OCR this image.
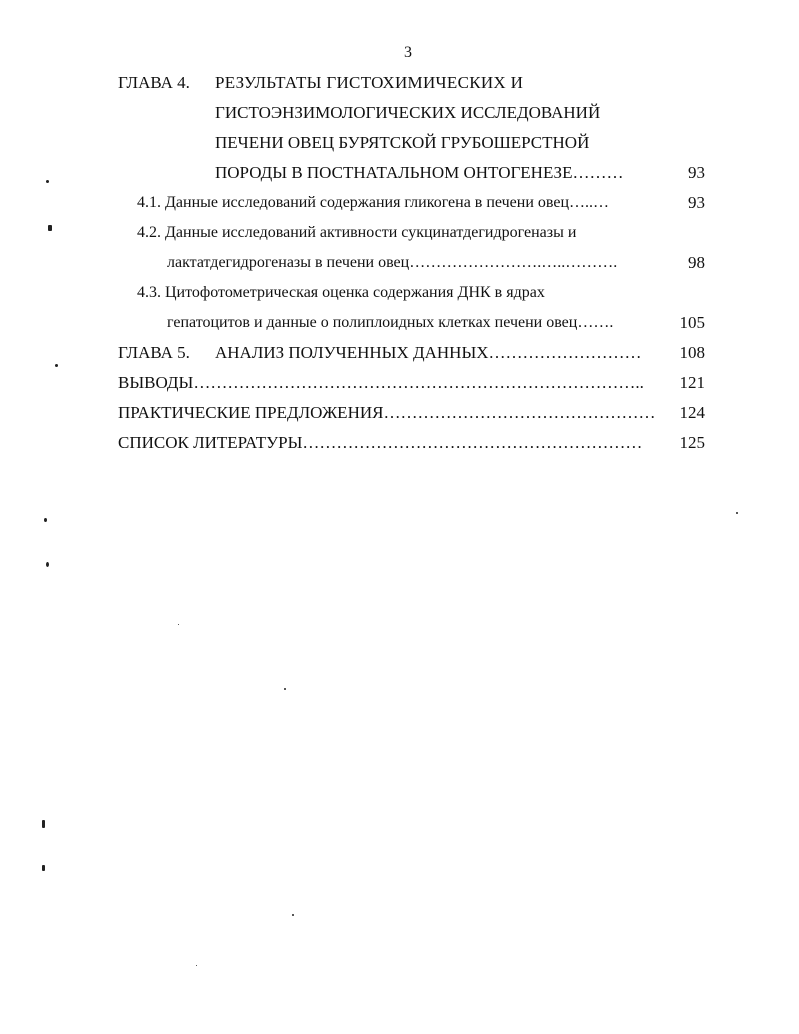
3
ГЛАВА 4. РЕЗУЛЬТАТЫ ГИСТОХИМИЧЕСКИХ И
ГИСТОЭНЗИМОЛОГИЧЕСКИХ ИССЛЕДОВАНИЙ
ПЕЧЕНИ ОВЕЦ БУРЯТСКОЙ ГРУБОШЕРСТНОЙ
ПОРОДЫ В ПОСТНАТАЛЬНОМ ОНТОГЕНЕЗЕ………	93
4.1. Данные исследований содержания гликогена в печени овец…..…	93
4.2. Данные исследований активности сукцинатдегидрогеназы и
лактатдегидрогеназы в печени овец…………………….…..……….	98
4.3. Цитофотометрическая оценка содержания ДНК в ядрах
гепатоцитов и данные о полиплоидных клетках печени овец…….	105
ГЛАВА 5. АНАЛИЗ ПОЛУЧЕННЫХ ДАННЫХ………………………	108
ВЫВОДЫ……………………………………………………………………..	121
ПРАКТИЧЕСКИЕ ПРЕДЛОЖЕНИЯ…………………………………………	124
СПИСОК ЛИТЕРАТУРЫ……………………………………………………	125
